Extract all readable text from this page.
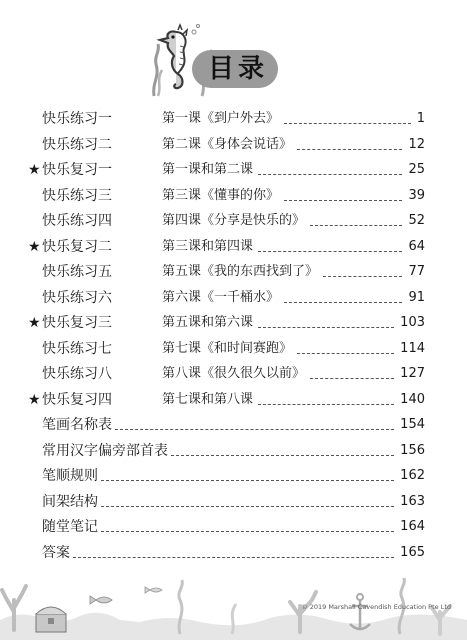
目录
快乐练习一	第一课《到户外去》	1
快乐练习二	第二课《身体会说话》	12
★ 快乐复习一	第一课和第二课	25
快乐练习三	第三课《懂事的你》	39
快乐练习四	第四课《分享是快乐的》	52
★ 快乐复习二	第三课和第四课	64
快乐练习五	第五课《我的东西找到了》	77
快乐练习六	第六课《一千桶水》	91
★ 快乐复习三	第五课和第六课	103
快乐练习七	第七课《和时间赛跑》	114
快乐练习八	第八课《很久很久以前》	127
★ 快乐复习四	第七课和第八课	140
笔画名称表	154
常用汉字偏旁部首表	156
笔顺规则	162
间架结构	163
随堂笔记	164
答案	165
© 2019 Marshall Cavendish Education Pte Ltd
